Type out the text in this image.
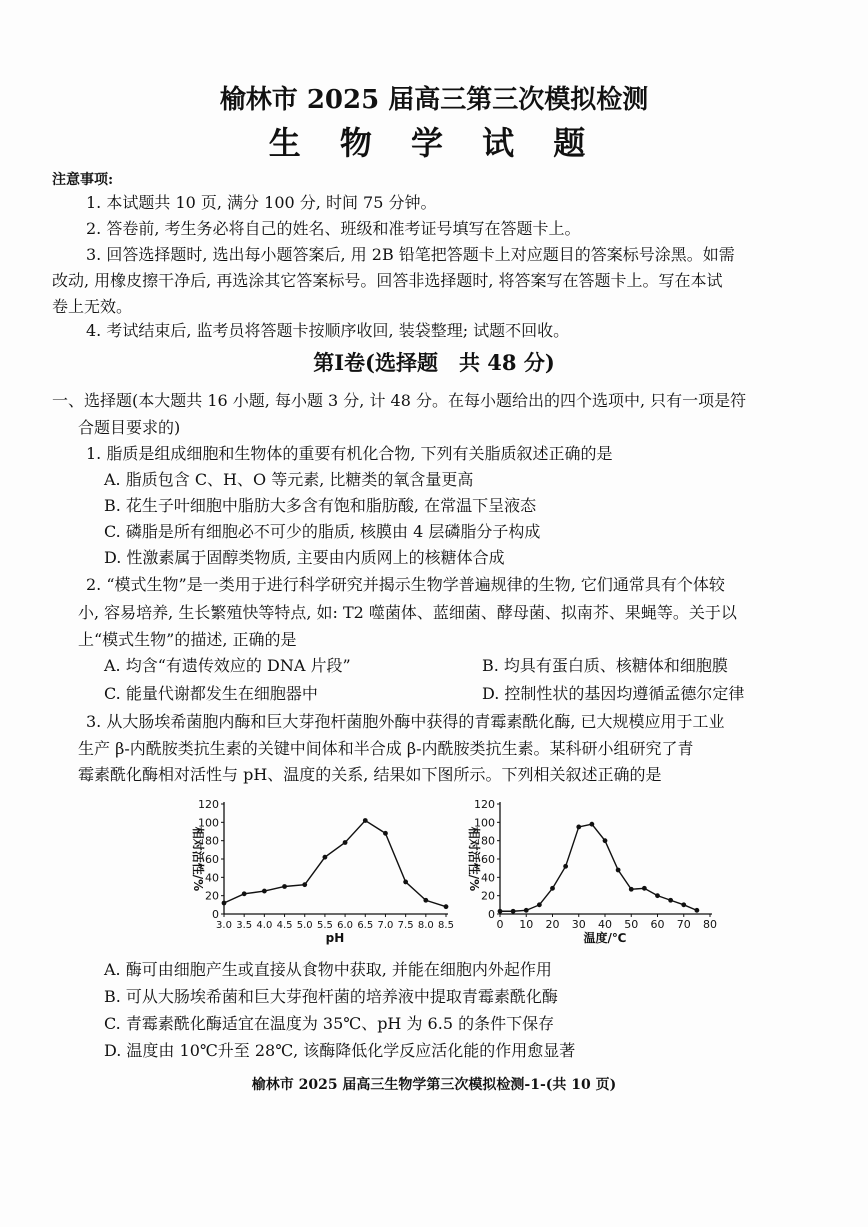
榆林市 2025 届高三第三次模拟检测
生 物 学 试 题
注意事项:
1. 本试题共 10 页, 满分 100 分, 时间 75 分钟。
2. 答卷前, 考生务必将自己的姓名、班级和准考证号填写在答题卡上。
3. 回答选择题时, 选出每小题答案后, 用 2B 铅笔把答题卡上对应题目的答案标号涂黑。如需
改动, 用橡皮擦干净后, 再选涂其它答案标号。回答非选择题时, 将答案写在答题卡上。写在本试
卷上无效。
4. 考试结束后, 监考员将答题卡按顺序收回, 装袋整理; 试题不回收。
第Ⅰ卷(选择题　共 48 分)
一、选择题(本大题共 16 小题, 每小题 3 分, 计 48 分。在每小题给出的四个选项中, 只有一项是符
合题目要求的)
1. 脂质是组成细胞和生物体的重要有机化合物, 下列有关脂质叙述正确的是
A. 脂质包含 C、H、O 等元素, 比糖类的氧含量更高
B. 花生子叶细胞中脂肪大多含有饱和脂肪酸, 在常温下呈液态
C. 磷脂是所有细胞必不可少的脂质, 核膜由 4 层磷脂分子构成
D. 性激素属于固醇类物质, 主要由内质网上的核糖体合成
2. “模式生物”是一类用于进行科学研究并揭示生物学普遍规律的生物, 它们通常具有个体较
小, 容易培养, 生长繁殖快等特点, 如: T2 噬菌体、蓝细菌、酵母菌、拟南芥、果蝇等。关于以
上“模式生物”的描述, 正确的是
A. 均含“有遗传效应的 DNA 片段”	B. 均具有蛋白质、核糖体和细胞膜
C. 能量代谢都发生在细胞器中	D. 控制性状的基因均遵循孟德尔定律
3. 从大肠埃希菌胞内酶和巨大芽孢杆菌胞外酶中获得的青霉素酰化酶, 已大规模应用于工业
生产 β-内酰胺类抗生素的关键中间体和半合成 β-内酰胺类抗生素。某科研小组研究了青
霉素酰化酶相对活性与 pH、温度的关系, 结果如下图所示。下列相关叙述正确的是
0
20
40
60
80
100
120
3.0 3.5 4.0 4.5 5.0 5.5 6.0 6.5 7.0 7.5 8.0 8.5
pH
相对活性/%
0
20
40
60
80
100
120
0 10 20 30 40 50 60 70 80
温度/℃
相对活性/%
A. 酶可由细胞产生或直接从食物中获取, 并能在细胞内外起作用
B. 可从大肠埃希菌和巨大芽孢杆菌的培养液中提取青霉素酰化酶
C. 青霉素酰化酶适宜在温度为 35℃、pH 为 6.5 的条件下保存
D. 温度由 10℃升至 28℃, 该酶降低化学反应活化能的作用愈显著
榆林市 2025 届高三生物学第三次模拟检测-1-(共 10 页)
